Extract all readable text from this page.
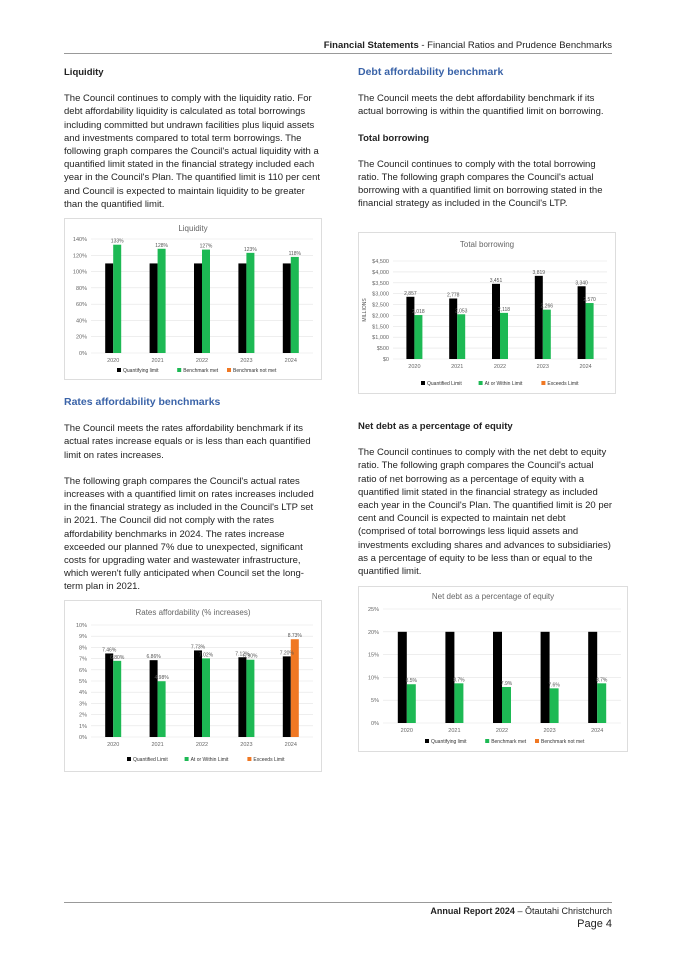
Financial Statements - Financial Ratios and Prudence Benchmarks
Liquidity

The Council continues to comply with the liquidity ratio. For debt affordability liquidity is calculated as total borrowings including committed but undrawn facilities plus liquid assets and investments compared to total term borrowings. The following graph compares the Council's actual liquidity with a quantified limit stated in the financial strategy included each year in the Council's Plan. The quantified limit is 110 per cent and Council is expected to maintain liquidity to be greater than the quantified limit.

Liquidity
0%
20%
40%
60%
80%
100%
120%
140%
2020
133%
2021
128%
2022
127%
2023
123%
2024
118%
Quantifying limit	Benchmark met	Benchmark not met
Rates affordability benchmarks

The Council meets the rates affordability benchmark if its actual rates increase equals or is less than each quantified limit on rates increases.

The following graph compares the Council's actual rates increases with a quantified limit on rates increases included in the financial strategy as included in the Council's LTP set in 2021. The Council did not comply with the rates affordability benchmarks in 2024. The rates increase exceeded our planned 7% due to unexpected, significant costs for upgrading water and wastewater infrastructure, which weren't fully anticipated when Council set the long-term plan in 2021.

Rates affordability (% increases)
0%
1%
2%
3%
4%
5%
6%
7%
8%
9%
10%
2020
7.46%
6.80%
2021
6.86%
4.98%
2022
7.73%
7.02%
2023
7.12%
6.90%
2024
7.20%
8.73%
Quantified Limit	At or Within Limit	Exceeds Limit
Debt affordability benchmark

The Council meets the debt affordability benchmark if its actual borrowing is within the quantified limit on borrowing.

Total borrowing

The Council continues to comply with the total borrowing ratio. The following graph compares the Council's actual borrowing with a quantified limit on borrowing stated in the financial strategy as included in the Council's LTP.

Total borrowing
MILLIONS
$0
$500
$1,000
$1,500
$2,000
$2,500
$3,000
$3,500
$4,000
$4,500
2020
2,857
2,018
2021
2,778
2,053
2022
3,451
2,118
2023
3,819
2,266
2024
3,340
2,570
Quantified Limit	At or Within Limit	Exceeds Limit
Net debt as a percentage of equity

The Council continues to comply with the net debt to equity ratio. The following graph compares the Council's actual ratio of net borrowing as a percentage of equity with a quantified limit stated in the financial strategy as included each year in the Council's Plan. The quantified limit is 20 per cent and Council is expected to maintain net debt (comprised of total borrowings less liquid assets and investments excluding shares and advances to subsidiaries) as a percentage of equity to be less than or equal to the quantified limit.

Net debt as a percentage of equity
0%
5%
10%
15%
20%
25%
2020
8.5%
2021
8.7%
2022
7.9%
2023
7.6%
2024
8.7%
Quantifying limit	Benchmark met	Benchmark not met
Annual Report 2024 – Ōtautahi Christchurch
Page 4
